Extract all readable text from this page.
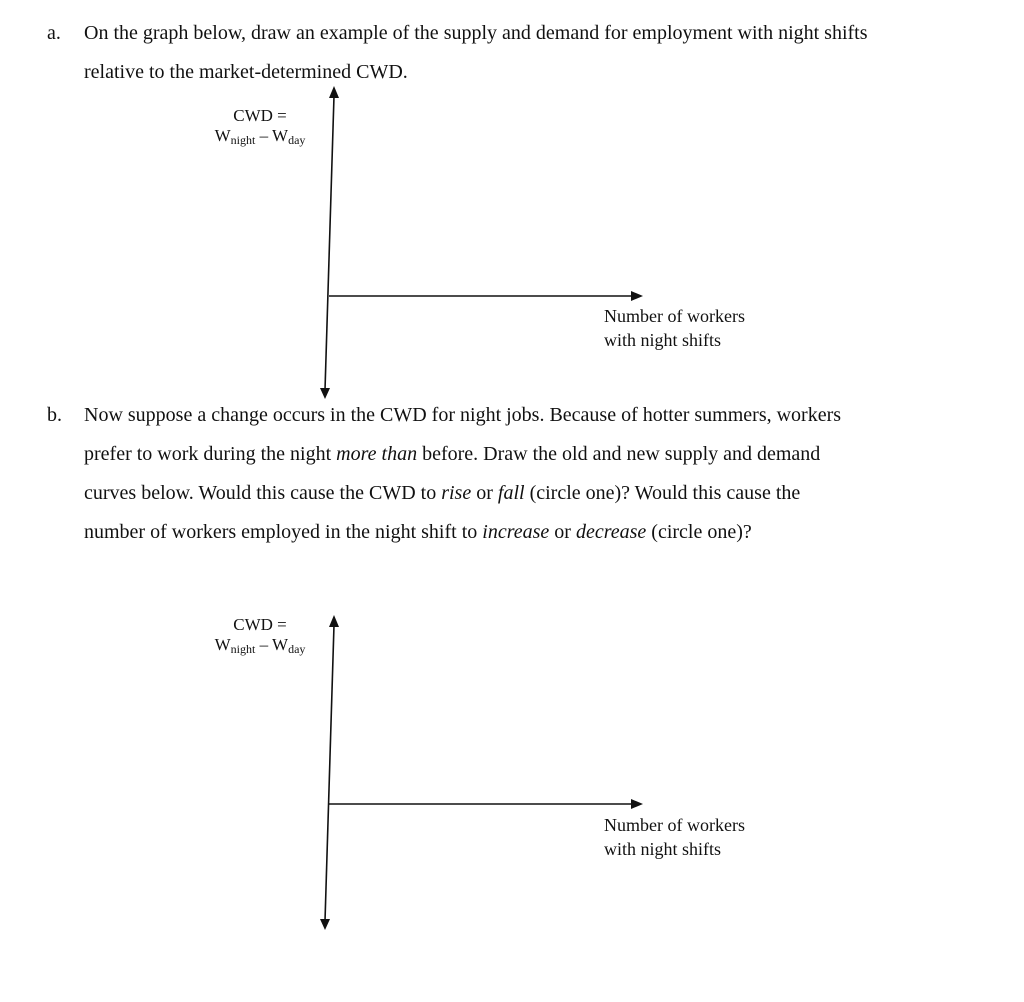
a. On the graph below, draw an example of the supply and demand for employment with night shifts
relative to the market-determined CWD.
CWD =
$W_{night} - W_{day}$
Number of workers
with night shifts
b. Now suppose a change occurs in the CWD for night jobs. Because of hotter summers, workers
prefer to work during the night more than before. Draw the old and new supply and demand
curves below. Would this cause the CWD to rise or fall (circle one)? Would this cause the
number of workers employed in the night shift to increase or decrease (circle one)?
CWD =
$W_{night} - W_{day}$
Number of workers
with night shifts
